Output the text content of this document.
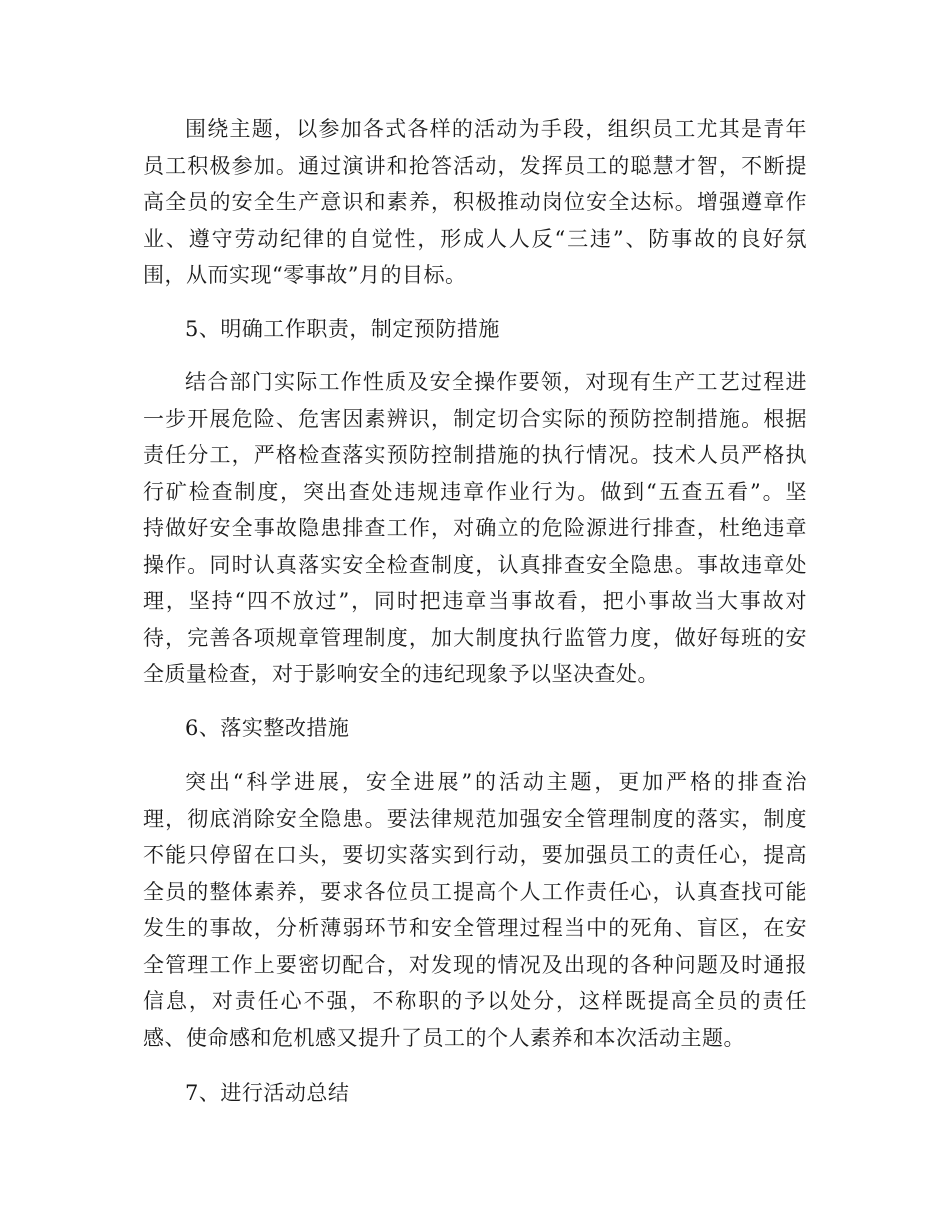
围绕主题，以参加各式各样的活动为手段，组织员工尤其是青年
员工积极参加。通过演讲和抢答活动，发挥员工的聪慧才智，不断提
高全员的安全生产意识和素养，积极推动岗位安全达标。增强遵章作
业、遵守劳动纪律的自觉性，形成人人反“三违”、防事故的良好氛
围，从而实现“零事故”月的目标。
5、明确工作职责，制定预防措施
结合部门实际工作性质及安全操作要领，对现有生产工艺过程进
一步开展危险、危害因素辨识，制定切合实际的预防控制措施。根据
责任分工，严格检查落实预防控制措施的执行情况。技术人员严格执
行矿检查制度，突出查处违规违章作业行为。做到“五查五看”。坚
持做好安全事故隐患排查工作，对确立的危险源进行排查，杜绝违章
操作。同时认真落实安全检查制度，认真排查安全隐患。事故违章处
理，坚持“四不放过”，同时把违章当事故看，把小事故当大事故对
待，完善各项规章管理制度，加大制度执行监管力度，做好每班的安
全质量检查，对于影响安全的违纪现象予以坚决查处。
6、落实整改措施
突出“科学进展，安全进展”的活动主题，更加严格的排查治
理，彻底消除安全隐患。要法律规范加强安全管理制度的落实，制度
不能只停留在口头，要切实落实到行动，要加强员工的责任心，提高
全员的整体素养，要求各位员工提高个人工作责任心，认真查找可能
发生的事故，分析薄弱环节和安全管理过程当中的死角、盲区，在安
全管理工作上要密切配合，对发现的情况及出现的各种问题及时通报
信息，对责任心不强，不称职的予以处分，这样既提高全员的责任
感、使命感和危机感又提升了员工的个人素养和本次活动主题。
7、进行活动总结
